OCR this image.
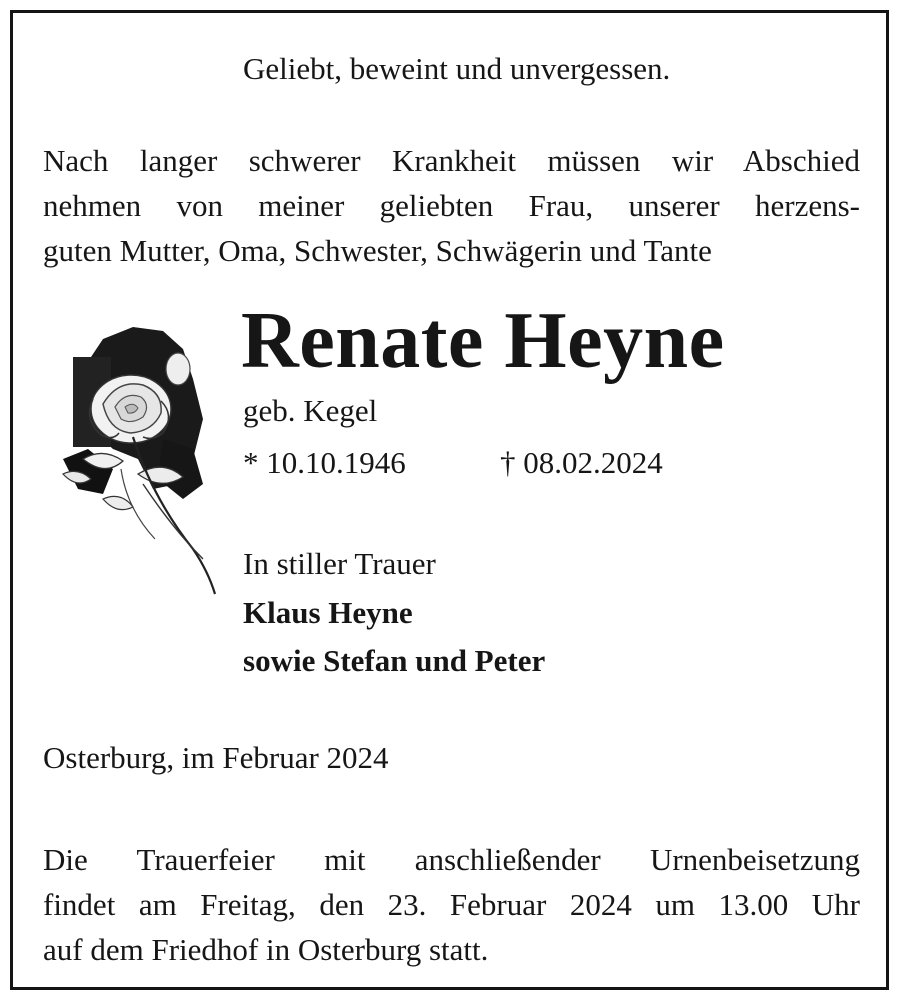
Geliebt, beweint und unvergessen.
Nach langer schwerer Krankheit müssen wir Abschied
nehmen von meiner geliebten Frau, unserer herzens-
guten Mutter, Oma, Schwester, Schwägerin und Tante
Renate Heyne
geb. Kegel
* 10.10.1946	† 08.02.2024
In stiller Trauer
Klaus Heyne
sowie Stefan und Peter
Osterburg, im Februar 2024
Die Trauerfeier mit anschließender Urnenbeisetzung
findet am Freitag, den 23. Februar 2024 um 13.00 Uhr
auf dem Friedhof in Osterburg statt.
